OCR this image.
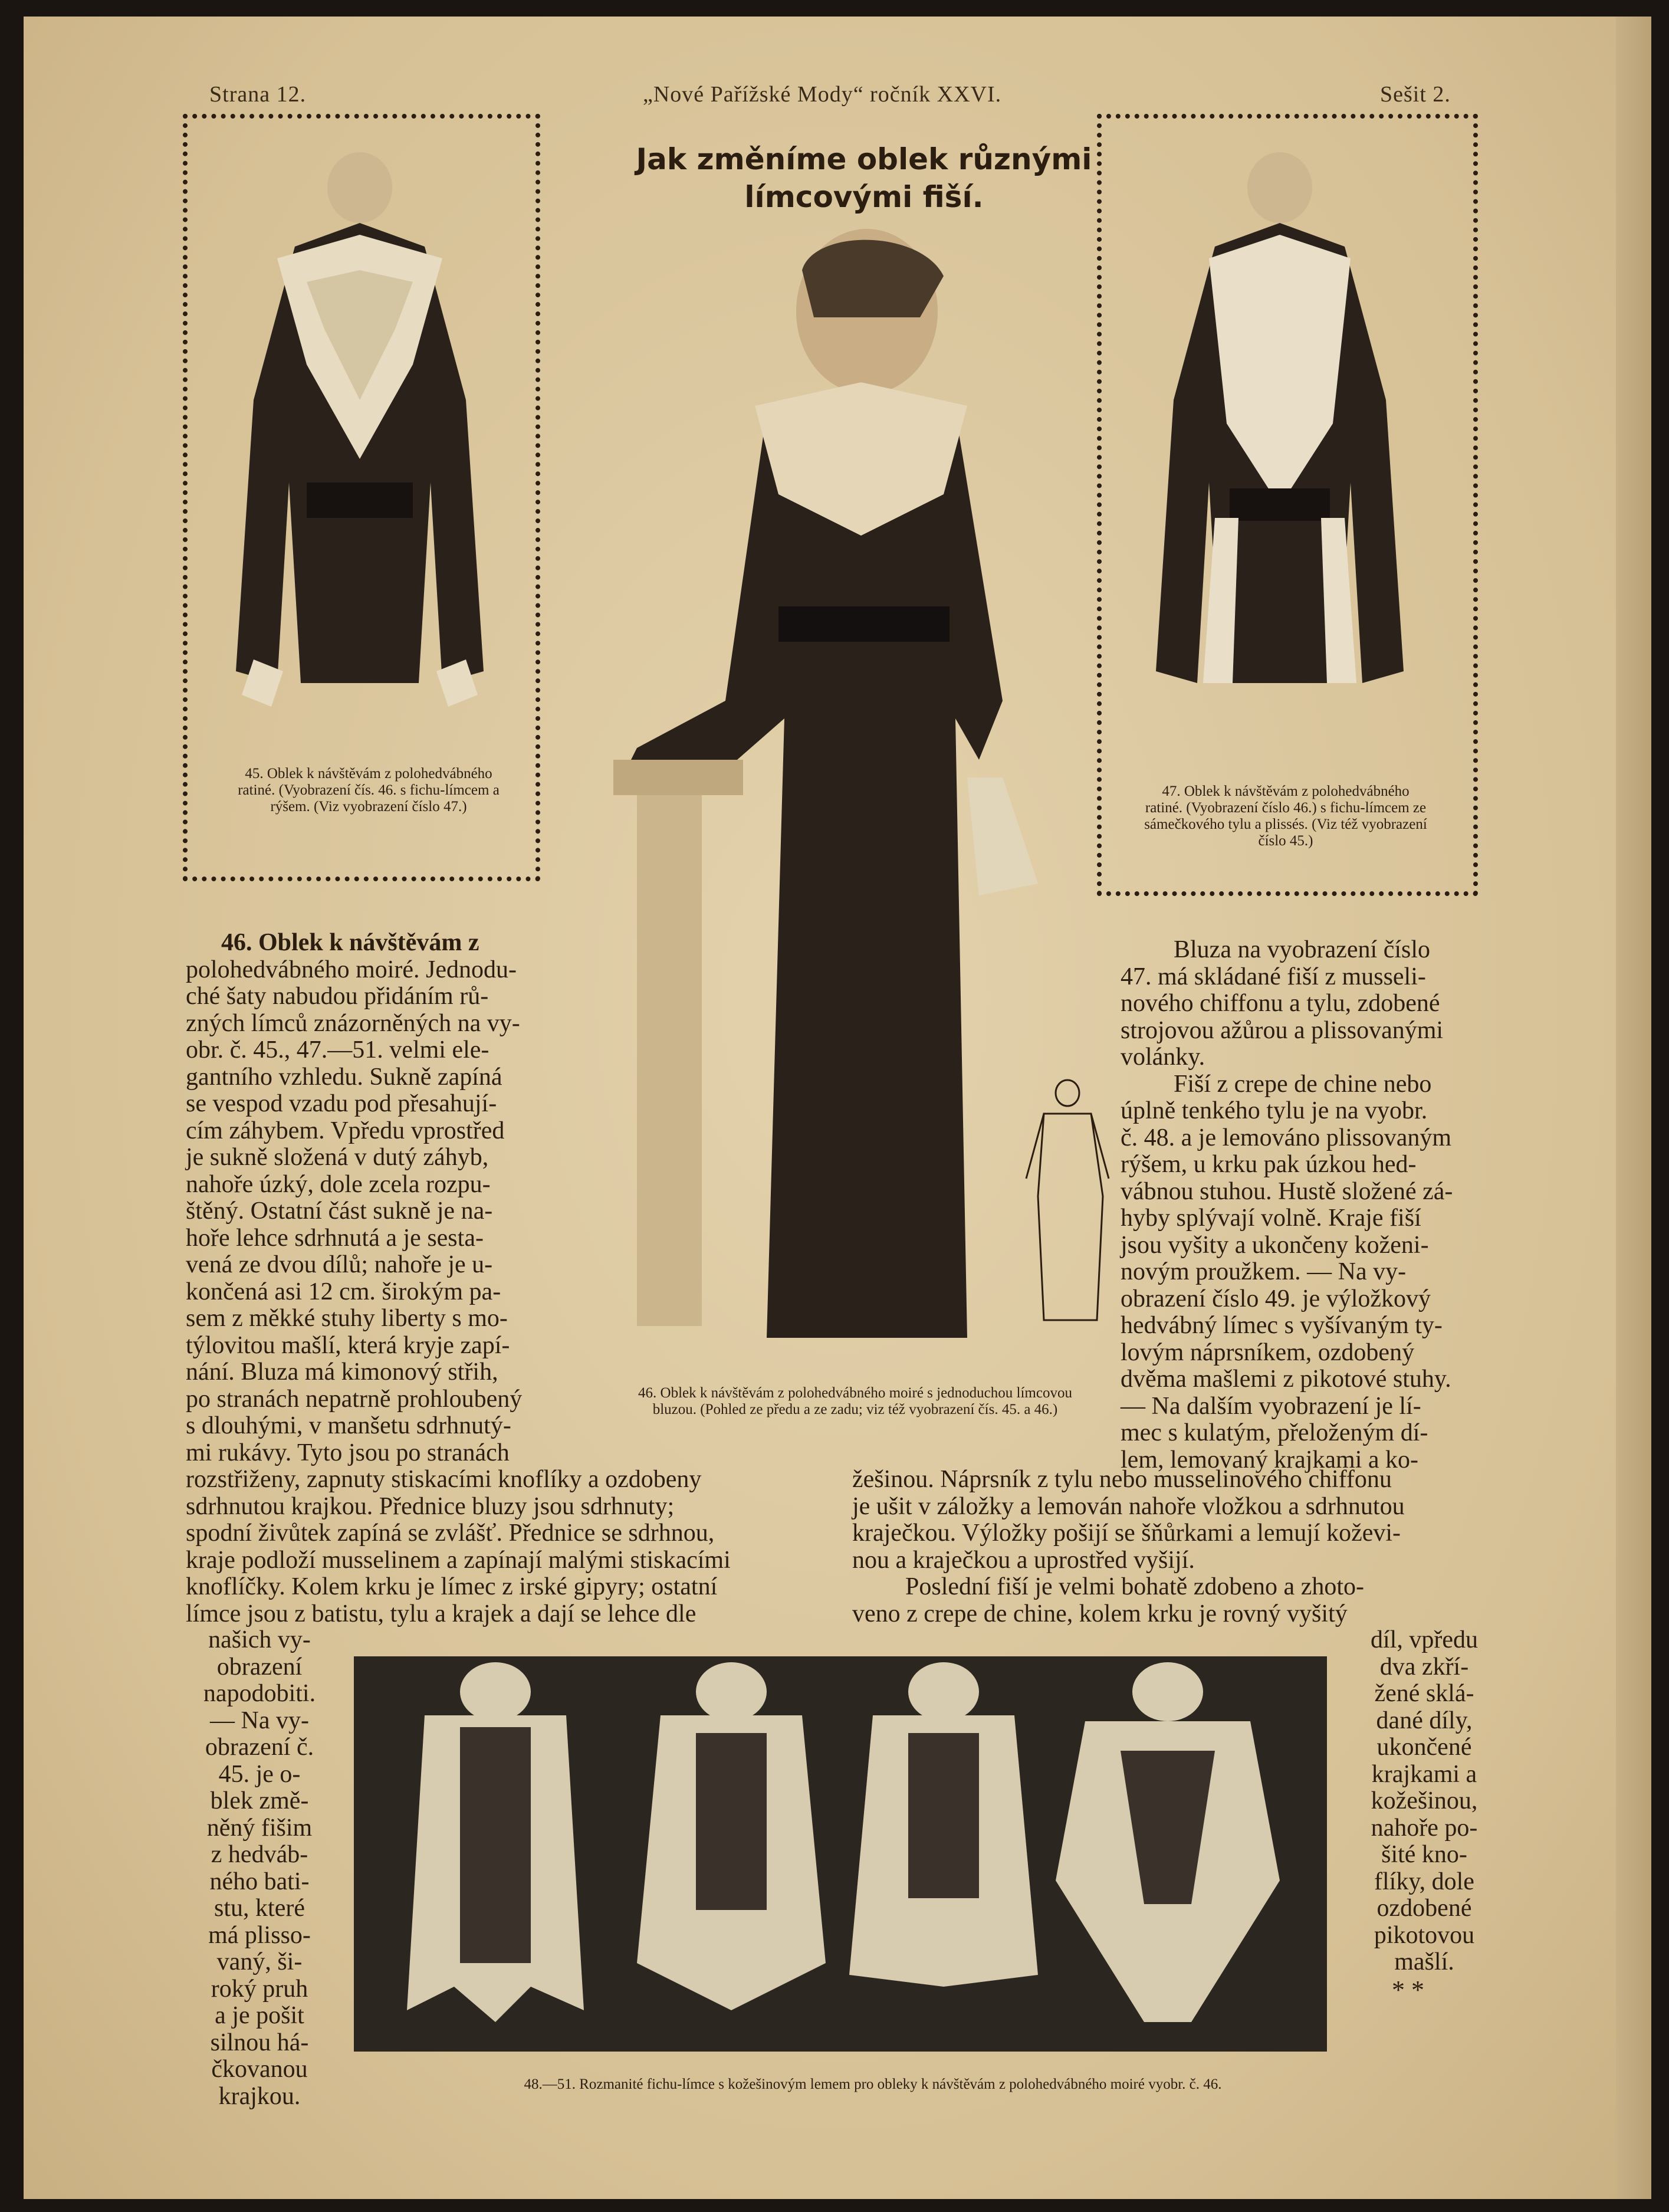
Strana 12.	„Nové Pařížské Mody“ ročník XXVI.	Sešit 2.
45. Oblek k návštěvám z polohedvábného ratiné. (Vyobrazení čís. 46. s fichu-límcem a rýšem. (Viz vyobrazení číslo 47.)
Jak změníme oblek různými límcovými fiší.
46. Oblek k návštěvám z polohedvábného moiré s jednoduchou límcovou bluzou. (Pohled ze předu a ze zadu; viz též vyobrazení čís. 45. a 46.)
47. Oblek k návštěvám z polohedvábného ratiné. (Vyobrazení číslo 46.) s fichu-límcem ze sámečkového tylu a plissés. (Viz též vyobrazení číslo 45.)
46. Oblek k návštěvám z
polohedvábného moiré. Jednodu-
ché šaty nabudou přidáním rů-
zných límců znázorněných na vy-
obr. č. 45., 47.—51. velmi ele-
gantního vzhledu. Sukně zapíná
se vespod vzadu pod přesahují-
cím záhybem. Vpředu vprostřed
je sukně složená v dutý záhyb,
nahoře úzký, dole zcela rozpu-
štěný. Ostatní část sukně je na-
hoře lehce sdrhnutá a je sesta-
vená ze dvou dílů; nahoře je u-
končená asi 12 cm. širokým pa-
sem z měkké stuhy liberty s mo-
týlovitou mašlí, která kryje zapí-
nání. Bluza má kimonový střih,
po stranách nepatrně prohloubený
s dlouhými, v manšetu sdrhnutý-
mi rukávy. Tyto jsou po stranách
rozstřiženy, zapnuty stiskacími knoflíky a ozdobeny
sdrhnutou krajkou. Přednice bluzy jsou sdrhnuty;
spodní živůtek zapíná se zvlášť. Přednice se sdrhnou,
kraje podloží musselinem a zapínají malými stiskacími
knoflíčky. Kolem krku je límec z irské gipyry; ostatní
límce jsou z batistu, tylu a krajek a dají se lehce dle
našich vy-
obrazení
napodobiti.
— Na vy-
obrazení č.
45. je o-
blek změ-
něný fišim
z hedváb-
ného bati-
stu, které
má plisso-
vaný, ši-
roký pruh
a je pošit
silnou há-
čkovanou
krajkou.
Bluza na vyobrazení číslo
47. má skládané fiší z musseli-
nového chiffonu a tylu, zdobené
strojovou ažůrou a plissovanými
volánky.
Fiší z crepe de chine nebo
úplně tenkého tylu je na vyobr.
č. 48. a je lemováno plissovaným
rýšem, u krku pak úzkou hed-
vábnou stuhou. Hustě složené zá-
hyby splývají volně. Kraje fiší
jsou vyšity a ukončeny koženi-
novým proužkem. — Na vy-
obrazení číslo 49. je výložkový
hedvábný límec s vyšívaným ty-
lovým náprsníkem, ozdobený
dvěma mašlemi z pikotové stuhy.
— Na dalším vyobrazení je lí-
mec s kulatým, přeloženým dí-
lem, lemovaný krajkami a ko-
žešinou. Náprsník z tylu nebo musselinového chiffonu
je ušit v záložky a lemován nahoře vložkou a sdrhnutou
kraječkou. Výložky pošijí se šňůrkami a lemují koževi-
nou a kraječkou a uprostřed vyšijí.
Poslední fiší je velmi bohatě zdobeno a zhoto-
veno z crepe de chine, kolem krku je rovný vyšitý
díl, vpředu
dva zkří-
žené sklá-
dané díly,
ukončené
krajkami a
kožešinou,
nahoře po-
šité kno-
flíky, dole
ozdobené
pikotovou
mašlí.
* *
48.—51. Rozmanité fichu-límce s kožešinovým lemem pro obleky k návštěvám z polohedvábného moiré vyobr. č. 46.
